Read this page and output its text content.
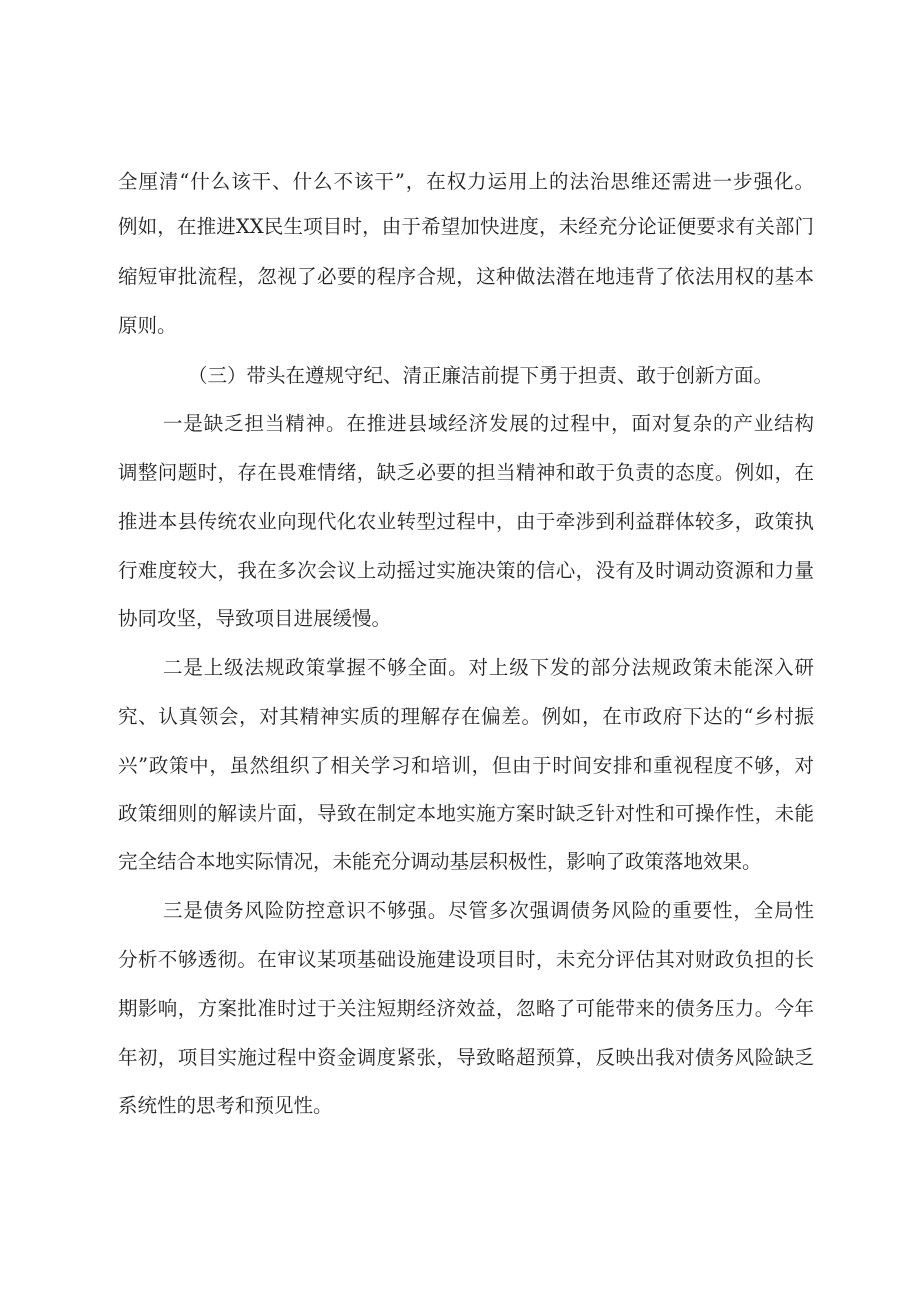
全厘清“什么该干、什么不该干”，在权力运用上的法治思维还需进一步强化。
例如，在推进XX民生项目时，由于希望加快进度，未经充分论证便要求有关部门
缩短审批流程，忽视了必要的程序合规，这种做法潜在地违背了依法用权的基本
原则。
（三）带头在遵规守纪、清正廉洁前提下勇于担责、敢于创新方面。
一是缺乏担当精神。在推进县域经济发展的过程中，面对复杂的产业结构
调整问题时，存在畏难情绪，缺乏必要的担当精神和敢于负责的态度。例如，在
推进本县传统农业向现代化农业转型过程中，由于牵涉到利益群体较多，政策执
行难度较大，我在多次会议上动摇过实施决策的信心，没有及时调动资源和力量
协同攻坚，导致项目进展缓慢。
二是上级法规政策掌握不够全面。对上级下发的部分法规政策未能深入研
究、认真领会，对其精神实质的理解存在偏差。例如，在市政府下达的“乡村振
兴”政策中，虽然组织了相关学习和培训，但由于时间安排和重视程度不够，对
政策细则的解读片面，导致在制定本地实施方案时缺乏针对性和可操作性，未能
完全结合本地实际情况，未能充分调动基层积极性，影响了政策落地效果。
三是债务风险防控意识不够强。尽管多次强调债务风险的重要性，全局性
分析不够透彻。在审议某项基础设施建设项目时，未充分评估其对财政负担的长
期影响，方案批准时过于关注短期经济效益，忽略了可能带来的债务压力。今年
年初，项目实施过程中资金调度紧张，导致略超预算，反映出我对债务风险缺乏
系统性的思考和预见性。
